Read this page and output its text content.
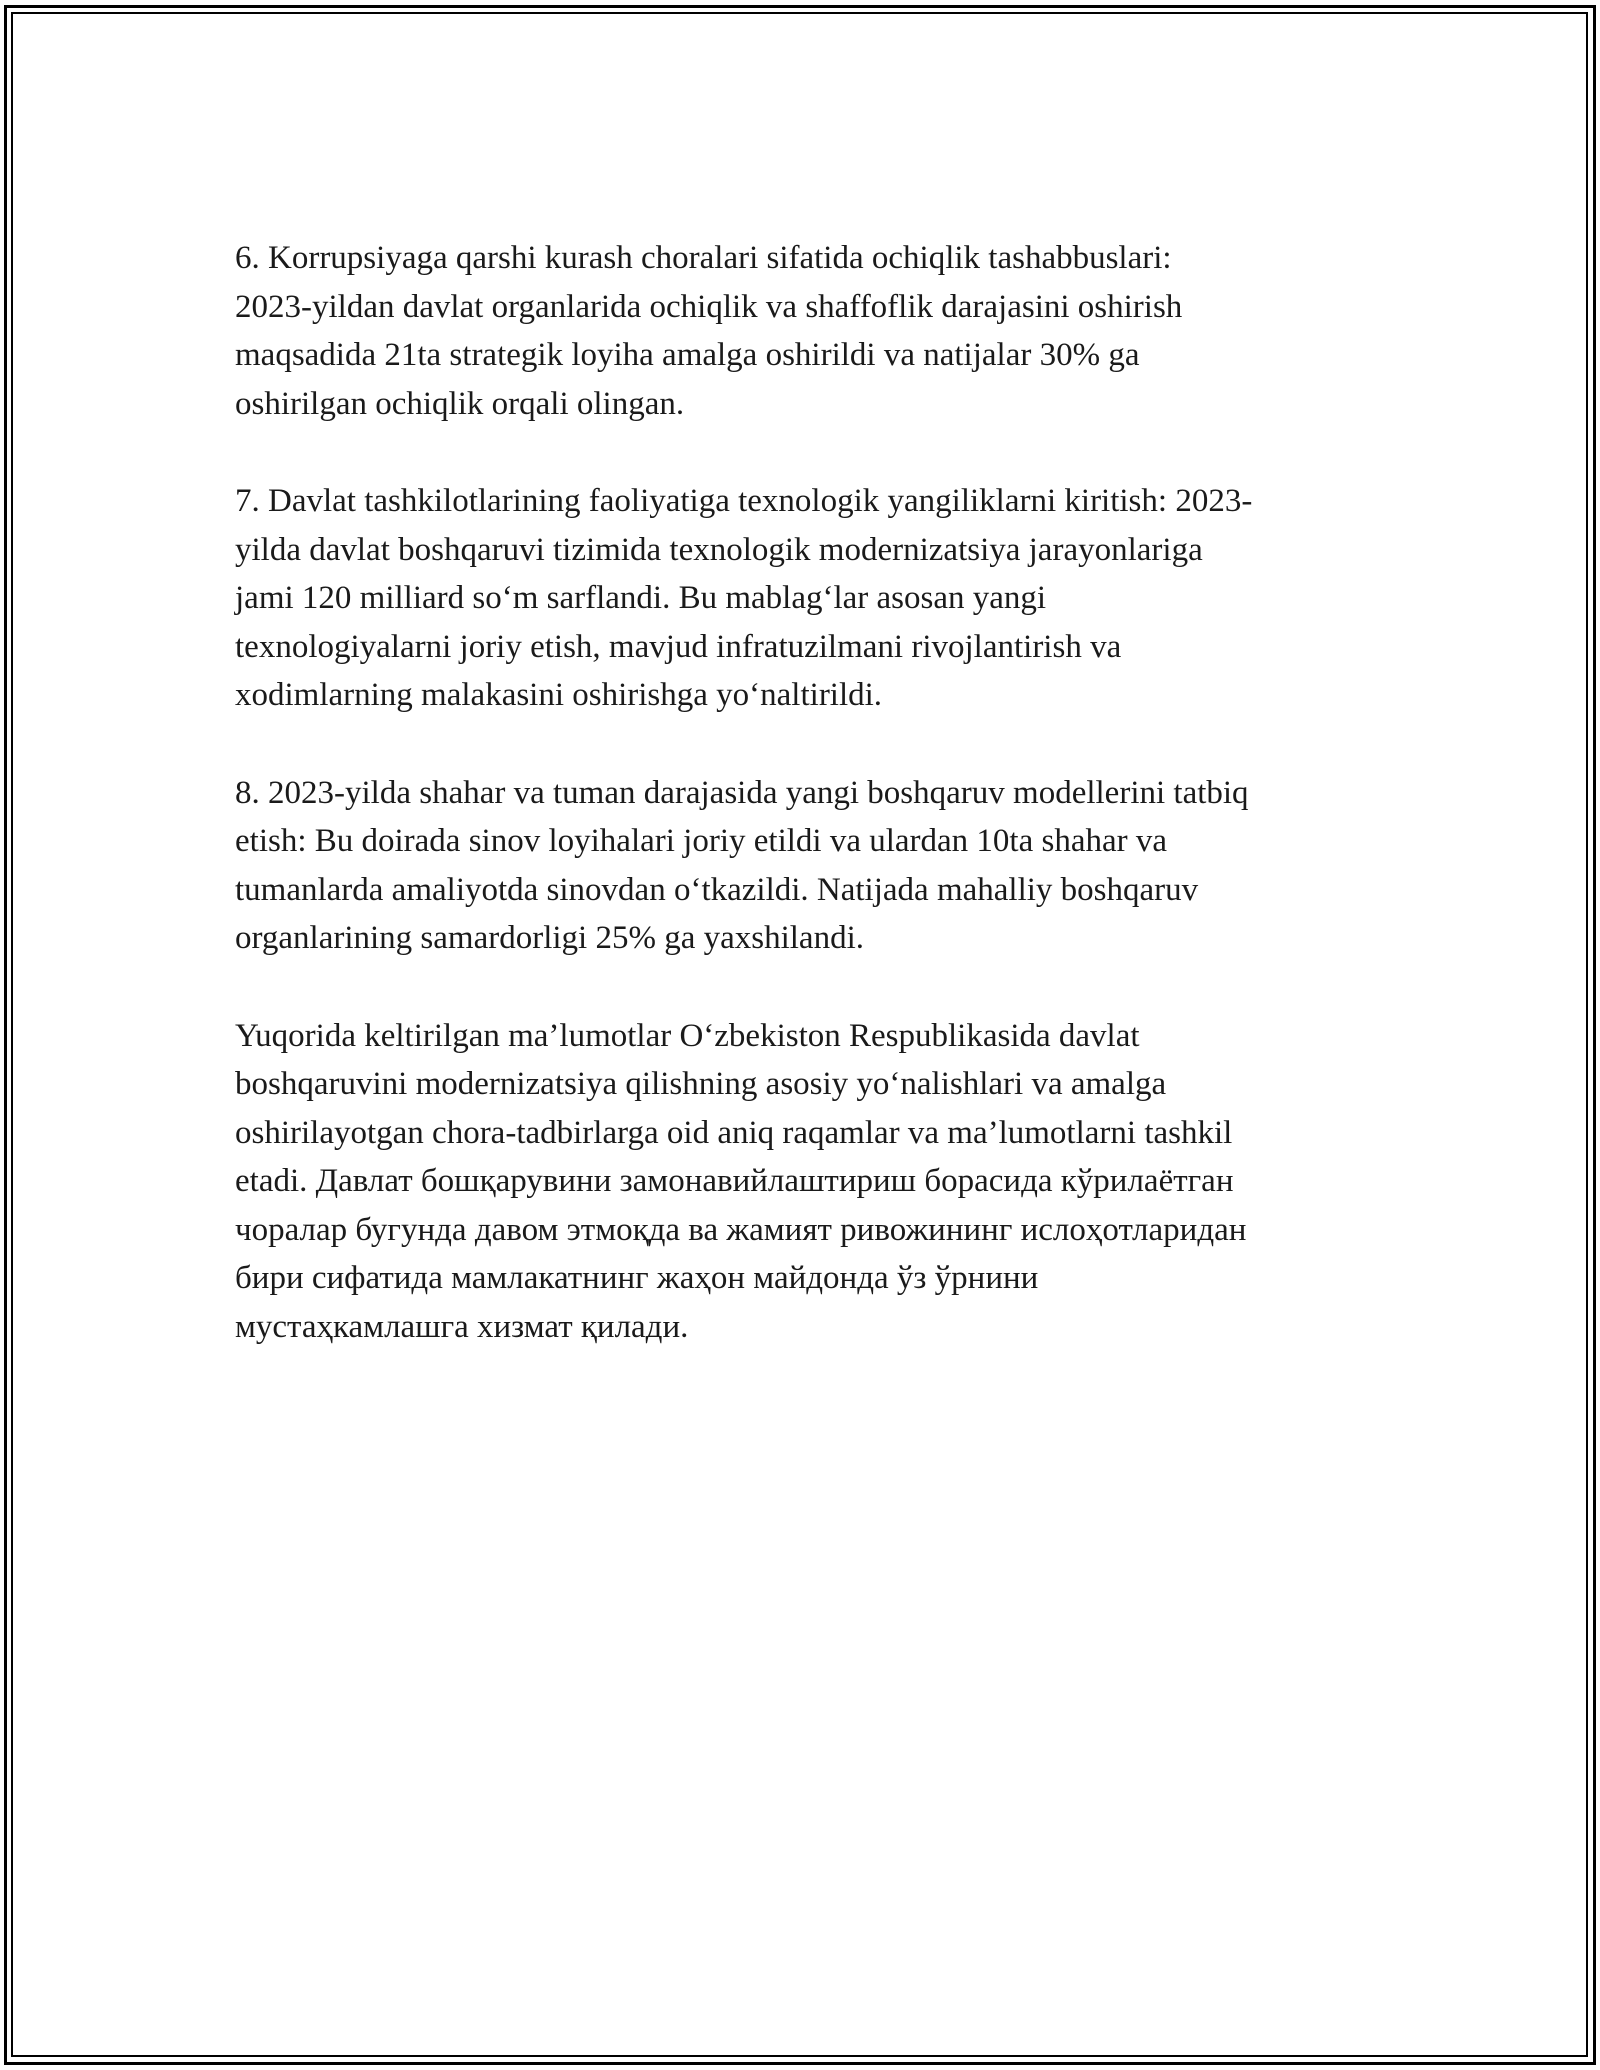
6. Korrupsiyaga qarshi kurash choralari sifatida ochiqlik tashabbuslari:
2023-yildan davlat organlarida ochiqlik va shaffoflik darajasini oshirish
maqsadida 21ta strategik loyiha amalga oshirildi va natijalar 30% ga
oshirilgan ochiqlik orqali olingan.

7. Davlat tashkilotlarining faoliyatiga texnologik yangiliklarni kiritish: 2023-
yilda davlat boshqaruvi tizimida texnologik modernizatsiya jarayonlariga
jami 120 milliard so‘m sarflandi. Bu mablag‘lar asosan yangi
texnologiyalarni joriy etish, mavjud infratuzilmani rivojlantirish va
xodimlarning malakasini oshirishga yo‘naltirildi.

8. 2023-yilda shahar va tuman darajasida yangi boshqaruv modellerini tatbiq
etish: Bu doirada sinov loyihalari joriy etildi va ulardan 10ta shahar va
tumanlarda amaliyotda sinovdan o‘tkazildi. Natijada mahalliy boshqaruv
organlarining samardorligi 25% ga yaxshilandi.

Yuqorida keltirilgan ma’lumotlar O‘zbekiston Respublikasida davlat
boshqaruvini modernizatsiya qilishning asosiy yo‘nalishlari va amalga
oshirilayotgan chora-tadbirlarga oid aniq raqamlar va ma’lumotlarni tashkil
etadi. Давлат бошқарувини замонавийлаштириш борасида кўрилаётган
чоралар бугунда давом этмоқда ва жамият ривожининг ислоҳотларидан
бири сифатида мамлакатнинг жаҳон майдонда ўз ўрнини
мустаҳкамлашга хизмат қилади.
